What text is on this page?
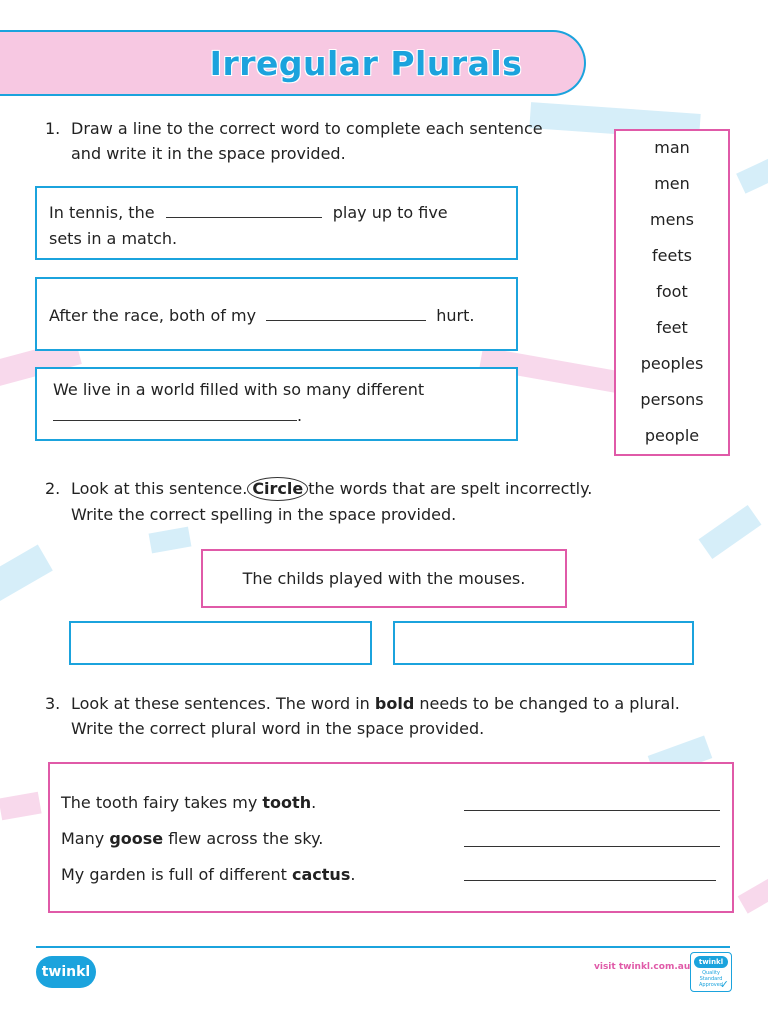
Irregular Plurals
1. Draw a line to the correct word to complete each sentence
and write it in the space provided.
In tennis, the	play up to five
sets in a match.
After the race, both of my	hurt.
We live in a world filled with so many different
.
man
men
mens
feets
foot
feet
peoples
persons
people
2. Look at this sentence. Circle the words that are spelt incorrectly.
Write the correct spelling in the space provided.
The childs played with the mouses.
3. Look at these sentences. The word in bold needs to be changed to a plural.
Write the correct plural word in the space provided.
The tooth fairy takes my tooth.
Many goose flew across the sky.
My garden is full of different cactus.
twinkl	visit twinkl.com.au	twinkl
Quality Standard Approved
✓
